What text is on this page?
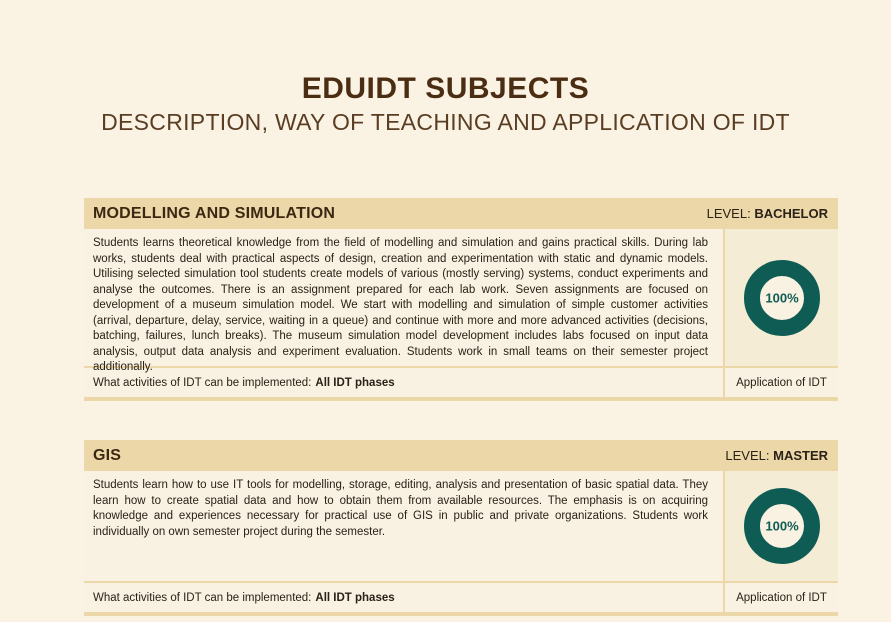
EDUIDT SUBJECTS
DESCRIPTION, WAY OF TEACHING AND APPLICATION OF IDT
MODELLING AND SIMULATION	LEVEL: BACHELOR
Students learns theoretical knowledge from the field of modelling and simulation and gains practical skills. During lab works, students deal with practical aspects of design, creation and experimentation with static and dynamic models. Utilising selected simulation tool students create models of various (mostly serving) systems, conduct experiments and analyse the outcomes. There is an assignment prepared for each lab work. Seven assignments are focused on development of a museum simulation model. We start with modelling and simulation of simple customer activities (arrival, departure, delay, service, waiting in a queue) and continue with more and more advanced activities (decisions, batching, failures, lunch breaks). The museum simulation model development includes labs focused on input data analysis, output data analysis and experiment evaluation. Students work in small teams on their semester project additionally.
100%
What activities of IDT can be implemented: All IDT phases	Application of IDT
GIS	LEVEL: MASTER
Students learn how to use IT tools for modelling, storage, editing, analysis and presentation of basic spatial data. They learn how to create spatial data and how to obtain them from available resources. The emphasis is on acquiring knowledge and experiences necessary for practical use of GIS in public and private organizations. Students work individually on own semester project during the semester.	100%
What activities of IDT can be implemented: All IDT phases	Application of IDT
